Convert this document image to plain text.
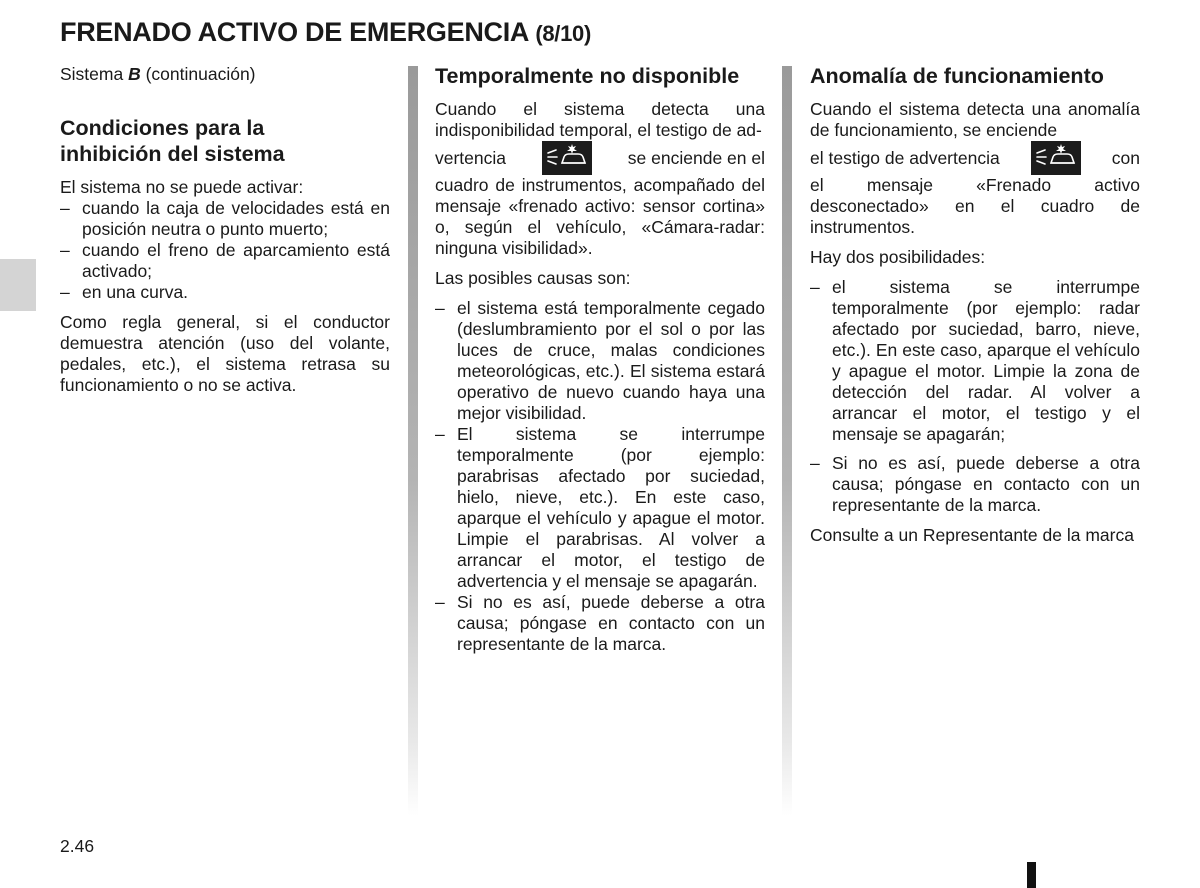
FRENADO ACTIVO DE EMERGENCIA (8/10)

Sistema B (continuación)

Condiciones para la
inhibición del sistema

El sistema no se puede activar:

– cuando la caja de velocidades está en posición neutra o punto muerto;
– cuando el freno de aparcamiento está activado;
– en una curva.

Como regla general, si el conductor demuestra atención (uso del volante, pedales, etc.), el sistema retrasa su funcionamiento o no se activa.

Temporalmente no disponible

Cuando el sistema detecta una indisponibilidad temporal, el testigo de ad-

vertencia	se enciende en el

cuadro de instrumentos, acompañado del mensaje «frenado activo: sensor cortina» o, según el vehículo, «Cámara-radar: ninguna visibilidad».

Las posibles causas son:

– el sistema está temporalmente cegado (deslumbramiento por el sol o por las luces de cruce, malas condiciones meteorológicas, etc.). El sistema estará operativo de nuevo cuando haya una mejor visibilidad.
– El sistema se interrumpe temporalmente (por ejemplo: parabrisas afectado por suciedad, hielo, nieve, etc.). En este caso, aparque el vehículo y apague el motor. Limpie el parabrisas. Al volver a arrancar el motor, el testigo de advertencia y el mensaje se apagarán.
– Si no es así, puede deberse a otra causa; póngase en contacto con un representante de la marca.
Anomalía de funcionamiento

Cuando el sistema detecta una anomalía de funcionamiento, se enciende

el testigo de advertencia	con

el mensaje «Frenado activo desconectado» en el cuadro de instrumentos.

Hay dos posibilidades:

– el sistema se interrumpe temporalmente (por ejemplo: radar afectado por suciedad, barro, nieve, etc.). En este caso, aparque el vehículo y apague el motor. Limpie la zona de detección del radar. Al volver a arrancar el motor, el testigo y el mensaje se apagarán;
– Si no es así, puede deberse a otra causa; póngase en contacto con un representante de la marca.

Consulte a un Representante de la marca

2.46
